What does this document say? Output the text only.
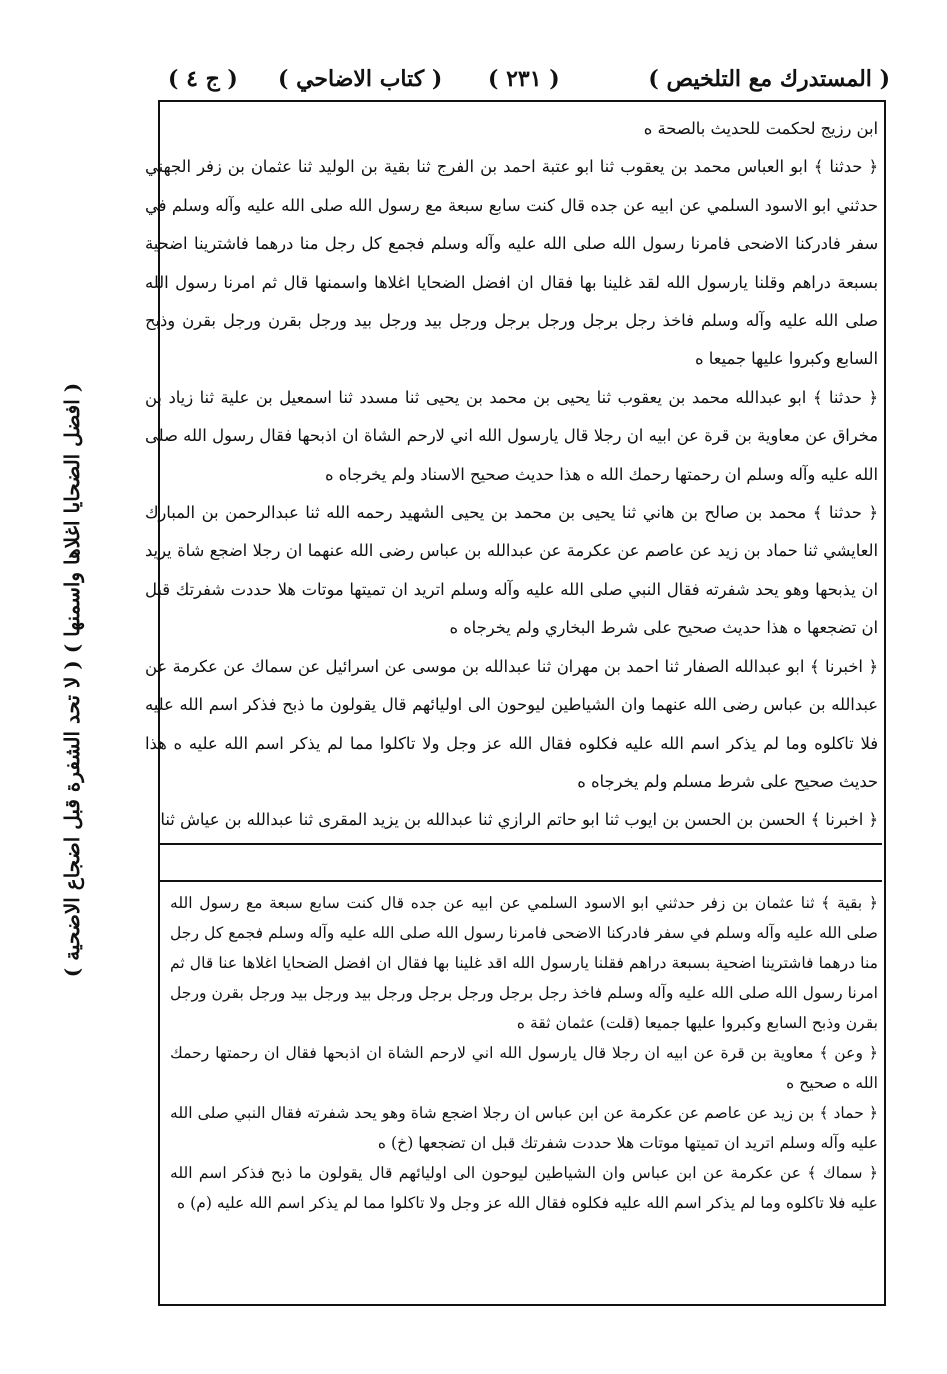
( المستدرك مع التلخيص )
( ٢٣١ )
( كتاب الاضاحي )
( ج ٤ )

ابن رزيج لحكمت للحديث بالصحة ه

﴿ حدثنا ﴾ ابو العباس محمد بن يعقوب ثنا ابو عتبة احمد بن الفرج ثنا بقية بن الوليد ثنا عثمان بن زفر الجهني حدثني ابو الاسود السلمي عن ابيه عن جده قال كنت سابع سبعة مع رسول الله صلى الله عليه وآله وسلم في سفر فادركنا الاضحى فامرنا رسول الله صلى الله عليه وآله وسلم فجمع كل رجل منا درهما فاشترينا اضحية بسبعة دراهم وقلنا يارسول الله لقد غلينا بها فقال ان افضل الضحايا اغلاها واسمنها قال ثم امرنا رسول الله صلى الله عليه وآله وسلم فاخذ رجل برجل ورجل برجل ورجل بيد ورجل بيد ورجل بقرن ورجل بقرن وذبح السابع وكبروا عليها جميعا ه

﴿ حدثنا ﴾ ابو عبدالله محمد بن يعقوب ثنا يحيى بن محمد بن يحيى ثنا مسدد ثنا اسمعيل بن علية ثنا زياد بن مخراق عن معاوية بن قرة عن ابيه ان رجلا قال يارسول الله اني لارحم الشاة ان اذبحها فقال رسول الله صلى الله عليه وآله وسلم ان رحمتها رحمك الله ه هذا حديث صحيح الاسناد ولم يخرجاه ه

﴿ حدثنا ﴾ محمد بن صالح بن هاني ثنا يحيى بن محمد بن يحيى الشهيد رحمه الله ثنا عبدالرحمن بن المبارك العايشي ثنا حماد بن زيد عن عاصم عن عكرمة عن عبدالله بن عباس رضى الله عنهما ان رجلا اضجع شاة يريد ان يذبحها وهو يحد شفرته فقال النبي صلى الله عليه وآله وسلم اتريد ان تميتها موتات هلا حددت شفرتك قبل ان تضجعها ه هذا حديث صحيح على شرط البخاري ولم يخرجاه ه

﴿ اخبرنا ﴾ ابو عبدالله الصفار ثنا احمد بن مهران ثنا عبدالله بن موسى عن اسرائيل عن سماك عن عكرمة عن عبدالله بن عباس رضى الله عنهما وان الشياطين ليوحون الى اوليائهم قال يقولون ما ذبح فذكر اسم الله عليه فلا تاكلوه وما لم يذكر اسم الله عليه فكلوه فقال الله عز وجل ولا تاكلوا مما لم يذكر اسم الله عليه ه هذا حديث صحيح على شرط مسلم ولم يخرجاه ه

﴿ اخبرنا ﴾ الحسن بن الحسن بن ايوب ثنا ابو حاتم الرازي ثنا عبدالله بن يزيد المقرى ثنا عبدالله بن عياش ثنا

﴿ بقية ﴾ ثنا عثمان بن زفر حدثني ابو الاسود السلمي عن ابيه عن جده قال كنت سابع سبعة مع رسول الله صلى الله عليه وآله وسلم في سفر فادركنا الاضحى فامرنا رسول الله صلى الله عليه وآله وسلم فجمع كل رجل منا درهما فاشترينا اضحية بسبعة دراهم فقلنا يارسول الله اقد غلينا بها فقال ان افضل الضحايا اغلاها عنا قال ثم امرنا رسول الله صلى الله عليه وآله وسلم فاخذ رجل برجل ورجل برجل ورجل بيد ورجل بيد ورجل بقرن ورجل بقرن وذبح السابع وكبروا عليها جميعا (قلت) عثمان ثقة ه

﴿ وعن ﴾ معاوية بن قرة عن ابيه ان رجلا قال يارسول الله اني لارحم الشاة ان اذبحها فقال ان رحمتها رحمك الله ه صحيح ه

﴿ حماد ﴾ بن زيد عن عاصم عن عكرمة عن ابن عباس ان رجلا اضجع شاة وهو يحد شفرته فقال النبي صلى الله عليه وآله وسلم اتريد ان تميتها موتات هلا حددت شفرتك قبل ان تضجعها (خ) ه

﴿ سماك ﴾ عن عكرمة عن ابن عباس وان الشياطين ليوحون الى اوليائهم قال يقولون ما ذبح فذكر اسم الله عليه فلا تاكلوه وما لم يذكر اسم الله عليه فكلوه فقال الله عز وجل ولا تاكلوا مما لم يذكر اسم الله عليه (م) ه

( افضل الضحايا اغلاها واسمنها ) ( لا تحد الشفرة قبل اضجاع الاضحية )
